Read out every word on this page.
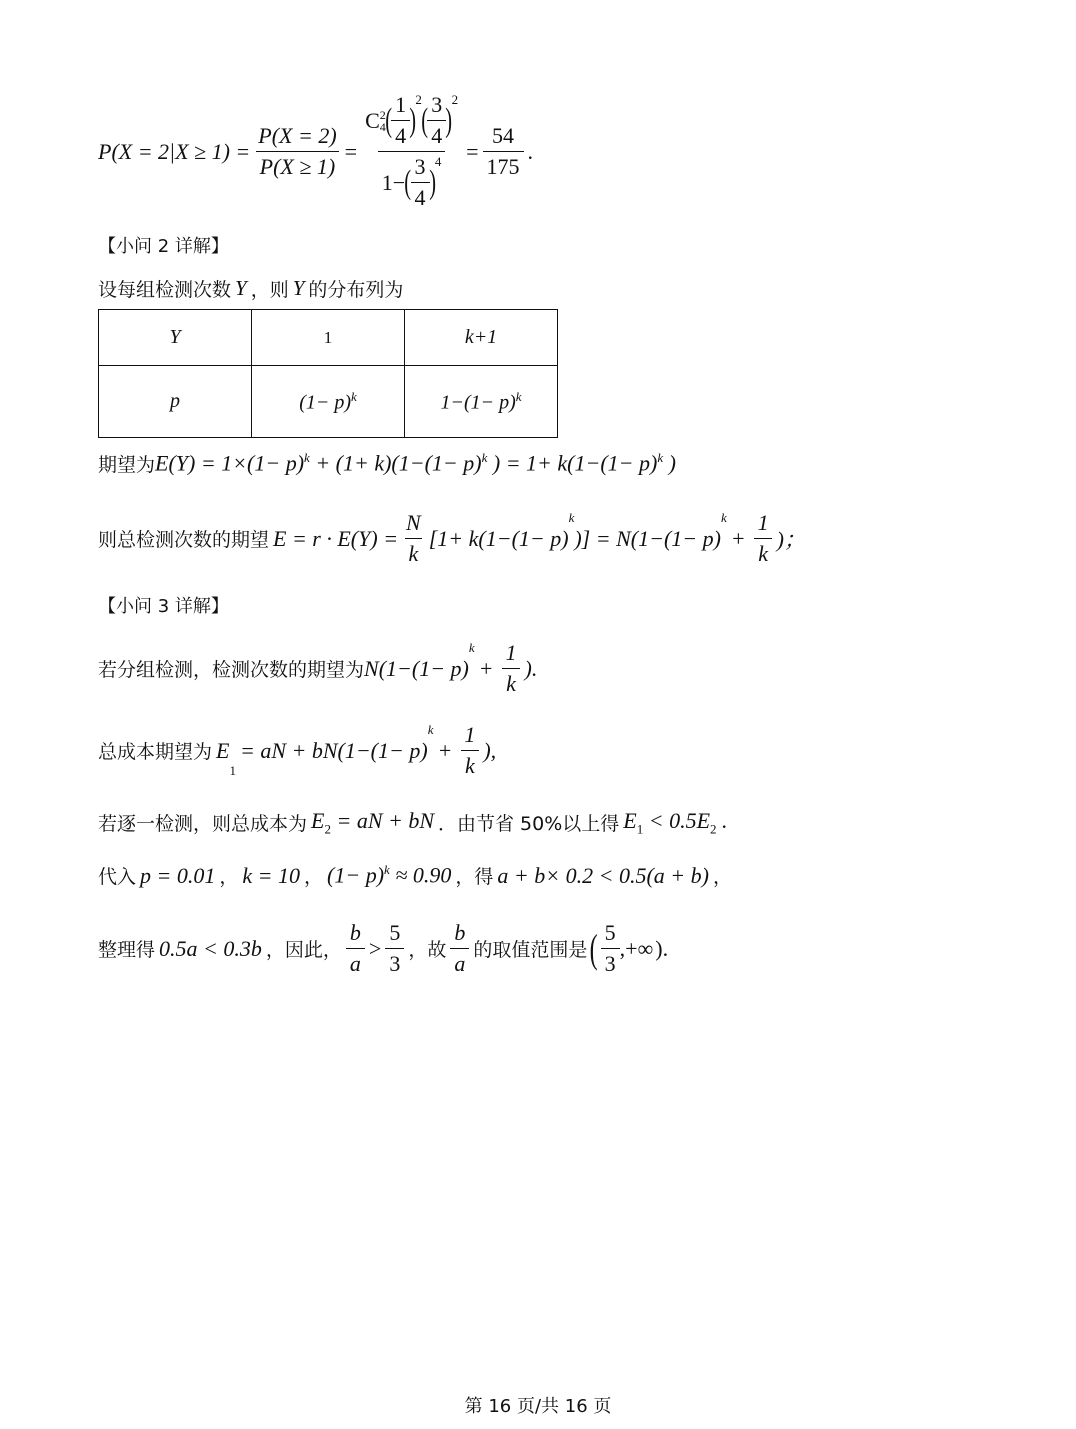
$P(X = 2|X \ge 1) = \frac{P(X = 2)}{P(X \ge 1)} = C$ 2
4 ( $\frac{1}{4}$ )
$^2$
( $\frac{3}{4}$ )
$^2$
1− ( $\frac{3}{4}$ )
$^4 = \frac{54}{175}$ .
【小问 2 详解】
设每组检测次数 Y ，则 Y 的分布列为
Y	1	k+1
p	$(1- p)^k$	$1-(1- p)^k$
期望为 $E(Y) = 1\times(1- p)^k + (1+ k)(1-(1- p)^k$ ) = $1+ k(1-(1- p)^k$ )
则总检测次数的期望 $E = r \cdot E(Y) = \frac{N}{k} [1+ k(1-(1- p)$
$^k$
)] = N(1−(1− p)
$^k$
+ $\frac{1}{k}$ )；
【小问 3 详解】
若分组检测，检测次数的期望为 N(1−(1− p)
$^k$
+ $\frac{1}{k}$ ).
总成本期望为 E
$_1$
= aN + bN(1−(1− p)
$^k$
+ $\frac{1}{k}$ ),
若逐一检测，则总成本为 $E_2$ = aN + bN ．由节省 50%以上得 $E_1 < 0.5E_2$ .
代入 p = 0.01 ， k = 10 ， $(1- p)^k \approx 0.90$ ，得 a + b× 0.2 < 0.5(a + b) ，
整理得 0.5a < 0.3b ，因此， $\frac{b}{a} > \frac{5}{3}$ ，故 $\frac{b}{a}$ 的取值范围是 ( $\frac{5}{3}$ ,+∞ ).
第 16 页/共 16 页
